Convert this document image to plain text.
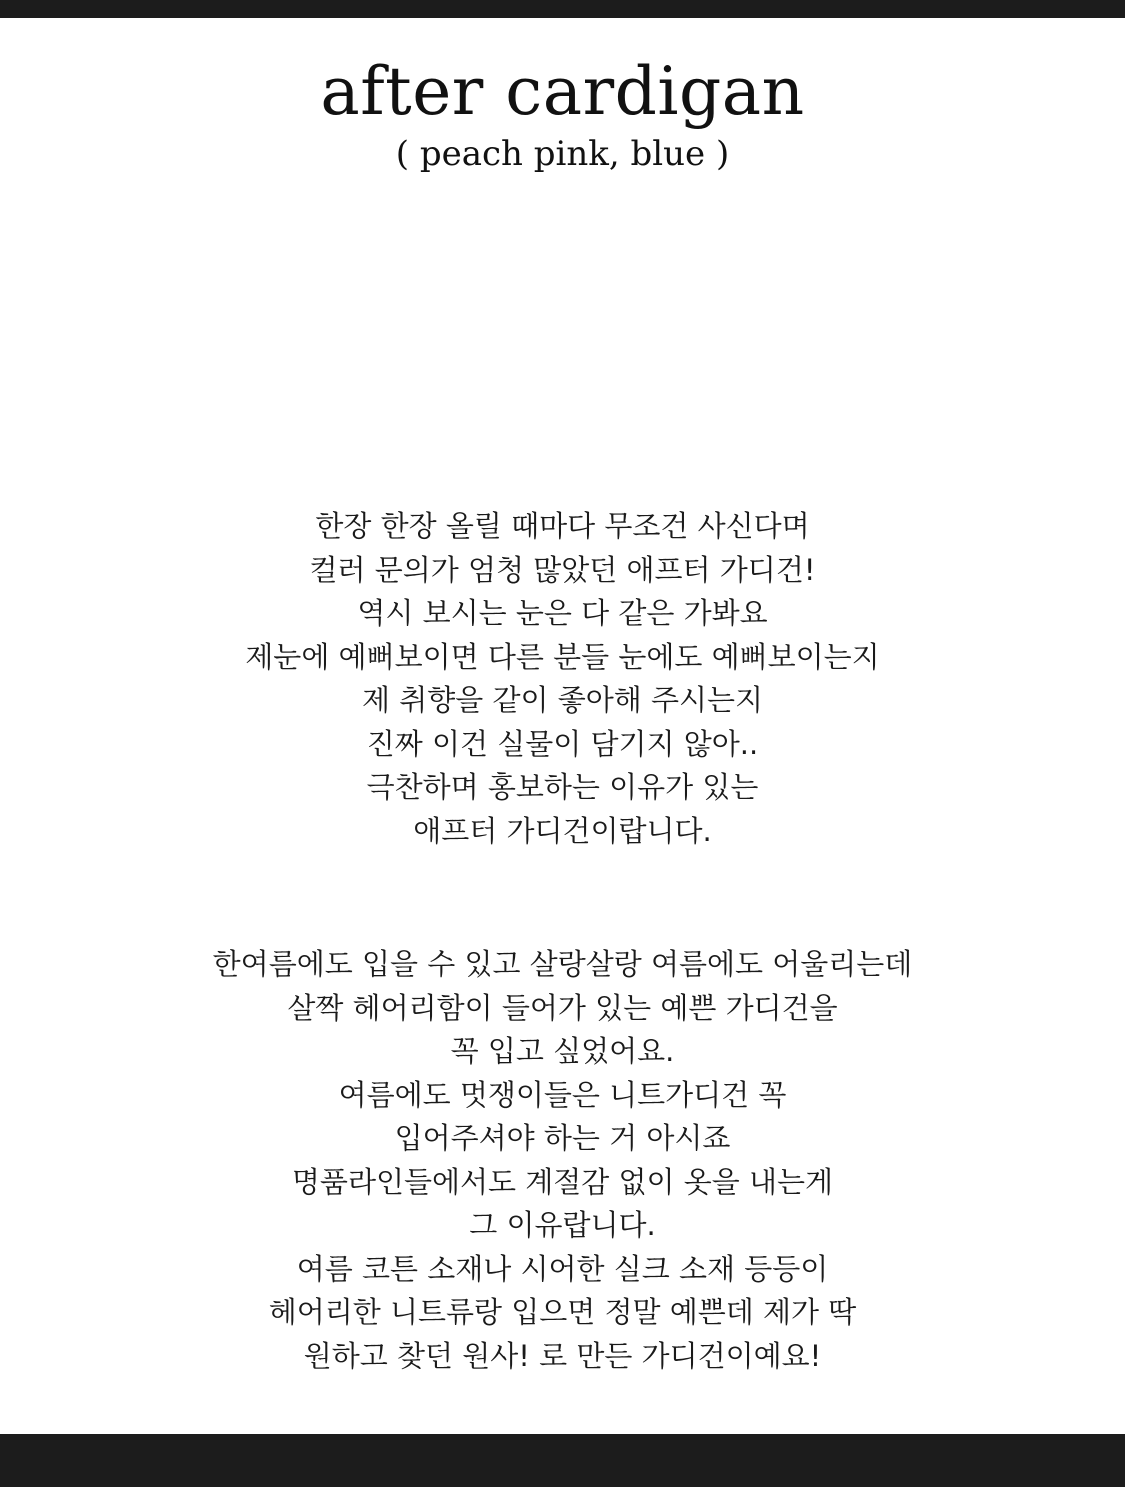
after cardigan
( peach pink, blue )
한장 한장 올릴 때마다 무조건 사신다며
컬러 문의가 엄청 많았던 애프터 가디건!
역시 보시는 눈은 다 같은 가봐요
제눈에 예뻐보이면 다른 분들 눈에도 예뻐보이는지
제 취향을 같이 좋아해 주시는지
진짜 이건 실물이 담기지 않아..
극찬하며 홍보하는 이유가 있는
애프터 가디건이랍니다.
한여름에도 입을 수 있고 살랑살랑 여름에도 어울리는데
살짝 헤어리함이 들어가 있는 예쁜 가디건을
꼭 입고 싶었어요.
여름에도 멋쟁이들은 니트가디건 꼭
입어주셔야 하는 거 아시죠
명품라인들에서도 계절감 없이 옷을 내는게
그 이유랍니다.
여름 코튼 소재나 시어한 실크 소재 등등이
헤어리한 니트류랑 입으면 정말 예쁜데 제가 딱
원하고 찾던 원사! 로 만든 가디건이예요!
